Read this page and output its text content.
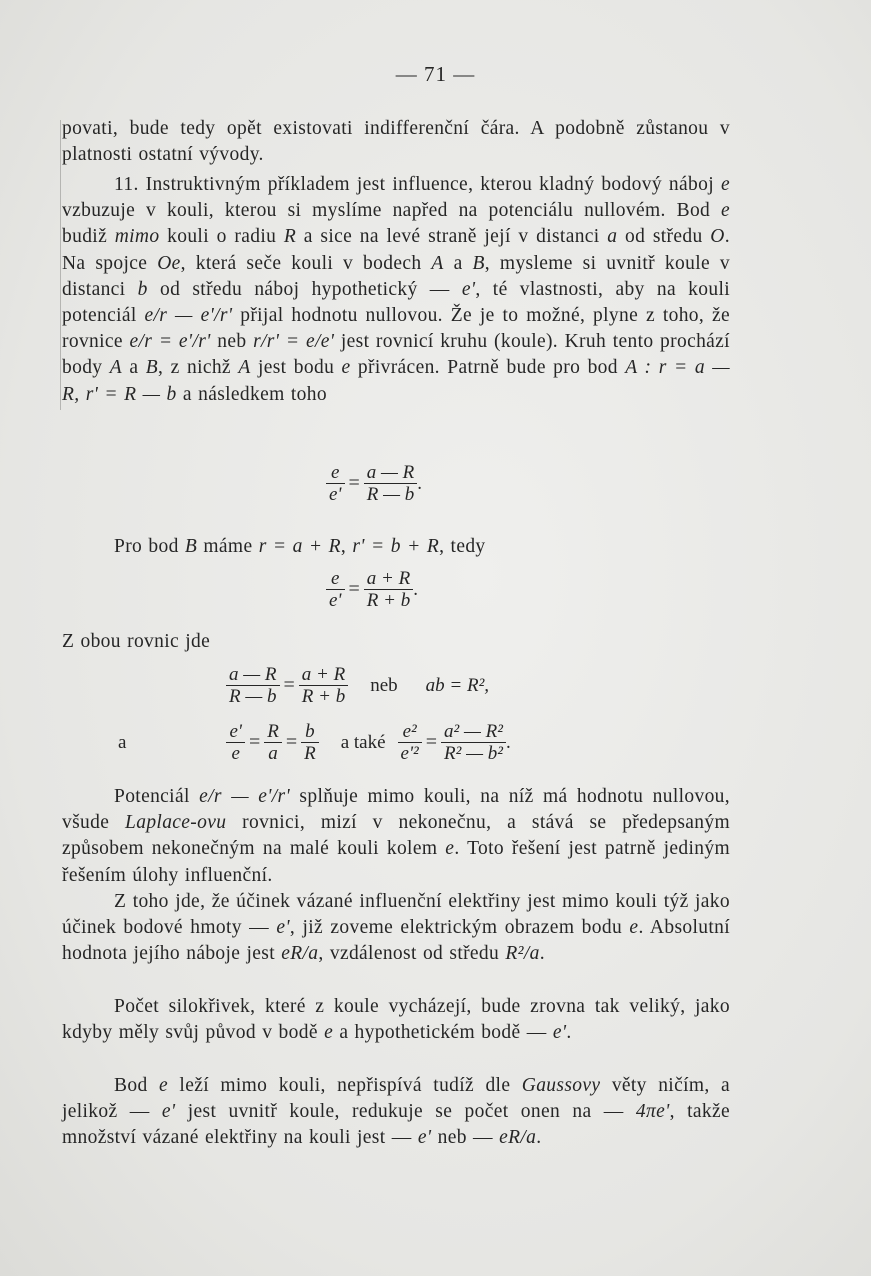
— 71 —
povati, bude tedy opět existovati indifferenční čára. A podobně zůstanou v platnosti ostatní vývody.
11. Instruktivným příkladem jest influence, kterou kladný bodový náboj e vzbuzuje v kouli, kterou si myslíme napřed na potenciálu nullovém. Bod e budiž mimo kouli o radiu R a sice na levé straně její v distanci a od středu O. Na spojce Oe, která seče kouli v bodech A a B, mysleme si uvnitř koule v distanci b od středu náboj hypothetický — e', té vlastnosti, aby na kouli potenciál e/r — e'/r' přijal hodnotu nullovou. Že je to možné, plyne z toho, že rovnice e/r = e'/r' neb r/r' = e/e' jest rovnicí kruhu (koule). Kruh tento prochází body A a B, z nichž A jest bodu e přivrácen. Patrně bude pro bod A : r = a — R, r' = R — b a následkem toho
$\frac{e}{e'} = \frac{a — R}{R — b}$ .
Pro bod B máme r = a + R, r' = b + R, tedy
$\frac{e}{e'} = \frac{a + R}{R + b}$ .
Z obou rovnic jde
$\frac{a — R}{R — b} = \frac{a + R}{R + b}$ neb ab = R²,
a	$\frac{e'}{e} = \frac{R}{a} = \frac{b}{R}$ a také $\frac{\text{e²}}{\text{e'²}} = \frac{\text{a² — R²}}{\text{R² — b²}}$ .
Potenciál e/r — e'/r' splňuje mimo kouli, na níž má hodnotu nullovou, všude Laplace-ovu rovnici, mizí v nekonečnu, a stává se předepsaným způsobem nekonečným na malé kouli kolem e. Toto řešení jest patrně jediným řešením úlohy influenční.
Z toho jde, že účinek vázané influenční elektřiny jest mimo kouli týž jako účinek bodové hmoty — e', již zoveme elektrickým obrazem bodu e. Absolutní hodnota jejího náboje jest eR/a, vzdálenost od středu R²/a.
Počet silokřivek, které z koule vycházejí, bude zrovna tak veliký, jako kdyby měly svůj původ v bodě e a hypothetickém bodě — e'.
Bod e leží mimo kouli, nepřispívá tudíž dle Gaussovy věty ničím, a jelikož — e' jest uvnitř koule, redukuje se počet onen na — 4πe', takže množství vázané elektřiny na kouli jest — e' neb — eR/a.
